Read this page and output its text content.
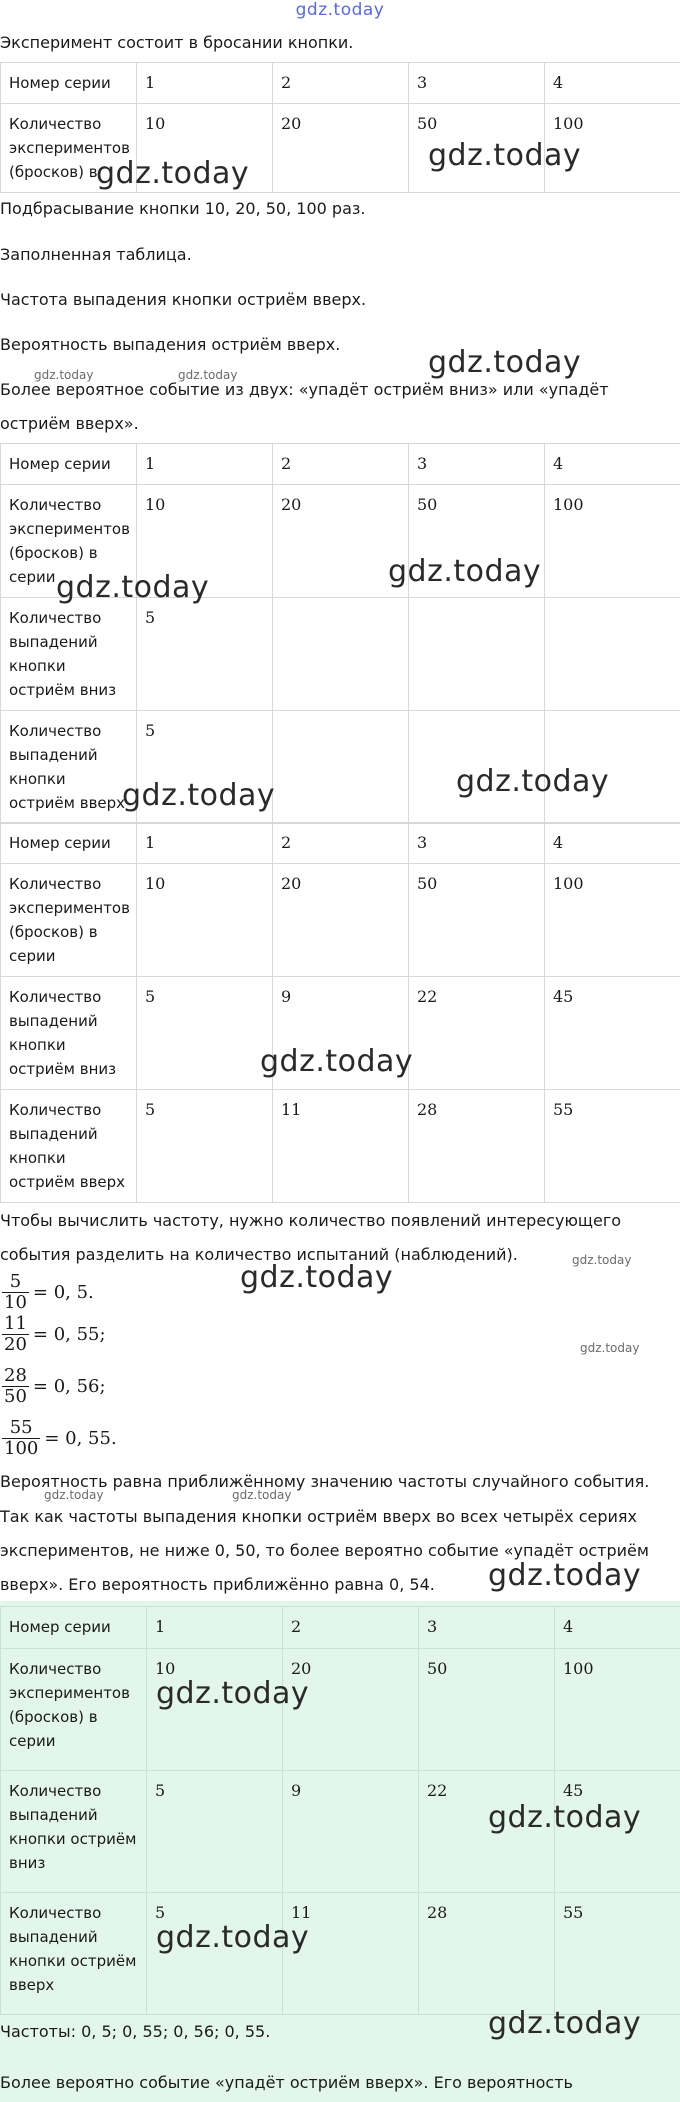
gdz.today
Эксперимент состоит в бросании кнопки.
Номер серии	1	2	3	4
Количество экспериментов (бросков) в	10	20	50	100
Подбрасывание кнопки 10, 20, 50, 100 раз.
Заполненная таблица.
Частота выпадения кнопки остриём вверх.
Вероятность выпадения остриём вверх.
Более вероятное событие из двух: «упадёт остриём вниз» или «упадёт остриём вверх».
Номер серии	1	2	3	4
Количество экспериментов (бросков) в серии	10	20	50	100
Количество выпадений кнопки остриём вниз	5			
Количество выпадений кнопки остриём вверх	5			
Номер серии	1	2	3	4
Количество экспериментов (бросков) в серии	10	20	50	100
Количество выпадений кнопки остриём вниз	5	9	22	45
Количество выпадений кнопки остриём вверх	5	11	28	55
Чтобы вычислить частоту, нужно количество появлений интересующего события разделить на количество испытаний (наблюдений).
$\frac{5}{10} = 0$, 5.
$\frac{11}{20} = 0$, 55;
$\frac{28}{50} = 0$, 56;
$\frac{55}{100} = 0$, 55.
Вероятность равна приближённому значению частоты случайного события.
Так как частоты выпадения кнопки остриём вверх во всех четырёх сериях экспериментов, не ниже 0, 50, то более вероятно событие «упадёт остриём вверх». Его вероятность приближённо равна 0, 54.
Номер серии	1	2	3	4
Количество экспериментов (бросков) в серии	10	20	50	100
Количество выпадений кнопки остриём вниз	5	9	22	45
Количество выпадений кнопки остриём вверх	5	11	28	55
Частоты: 0, 5; 0, 55; 0, 56; 0, 55.
Более вероятно событие «упадёт остриём вверх». Его вероятность
gdz.today
gdz.today
gdz.today
gdz.today	gdz.today
gdz.today	gdz.today
gdz.today	gdz.today
gdz.today
gdz.today	gdz.today
gdz.today
gdz.today	gdz.today
gdz.today
gdz.today
gdz.today
gdz.today
gdz.today
